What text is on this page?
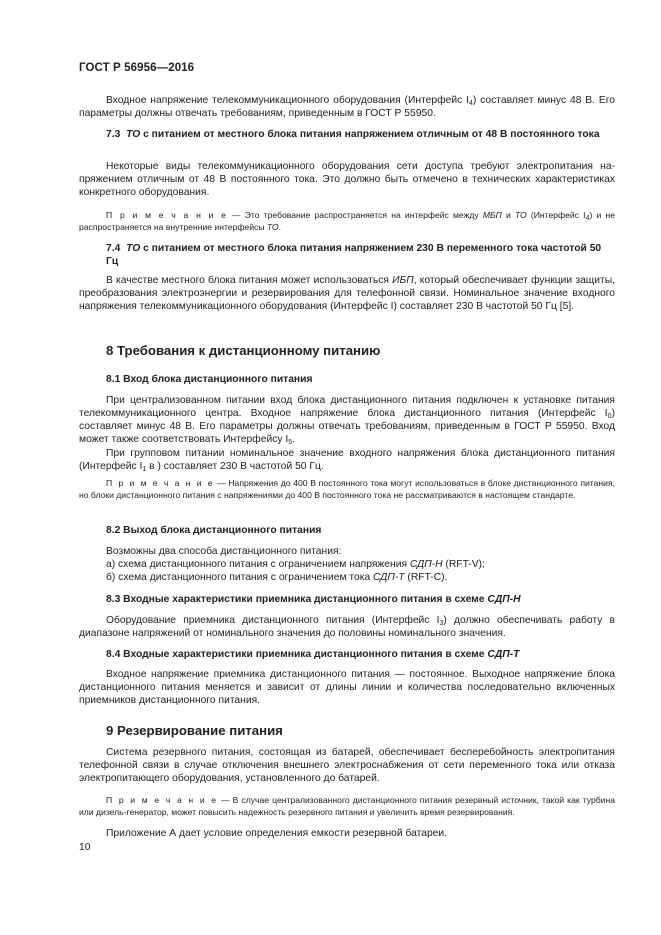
ГОСТ Р 56956—2016
Входное напряжение телекоммуникационного оборудования (Интерфейс $I_4$) составляет минус 48 В. Его параметры должны отвечать требованиям, приведенным в ГОСТ Р 55950.
7.3 ТО с питанием от местного блока питания напряжением отличным от 48 В постоянного тока
Некоторые виды телекоммуникационного оборудования сети доступа требуют электропитания напряжением отличным от 48 В постоянного тока. Это должно быть отмечено в технических характеристиках конкретного оборудования.
П р и м е ч а н и е — Это требование распространяется на интерфейс между МБП и ТО (Интерфейс $I_4$) и не распространяется на внутренние интерфейсы ТО.
7.4 ТО с питанием от местного блока питания напряжением 230 В переменного тока частотой 50 Гц
В качестве местного блока питания может использоваться ИБП, который обеспечивает функции защиты, преобразования электроэнергии и резервирования для телефонной связи. Номинальное значение входного напряжения телекоммуникационного оборудования (Интерфейс I) составляет 230 В частотой 50 Гц [5].
8 Требования к дистанционному питанию
8.1 Вход блока дистанционного питания
При централизованном питании вход блока дистанционного питания подключен к установке питания телекоммуникационного центра. Входное напряжение блока дистанционного питания (Интерфейс $I_0$) составляет минус 48 В. Его параметры должны отвечать требованиям, приведенным в ГОСТ Р 55950. Вход может также соответствовать Интерфейсу $I_5$.
При групповом питании номинальное значение входного напряжения блока дистанционного питания (Интерфейс $I_1$ в ) составляет 230 В частотой 50 Гц.
П р и м е ч а н и е — Напряжения до 400 В постоянного тока могут использоваться в блоке дистанционного питания, но блоки дистанционного питания с напряжениями до 400 В постоянного тока не рассматриваются в настоящем стандарте.
8.2 Выход блока дистанционного питания
Возможны два способа дистанционного питания:
а) схема дистанционного питания с ограничением напряжения СДП-Н (RFT-V);
б) схема дистанционного питания с ограничением тока СДП-Т (RFT-C).
8.3 Входные характеристики приемника дистанционного питания в схеме СДП-Н
Оборудование приемника дистанционного питания (Интерфейс $I_3$) должно обеспечивать работу в диапазоне напряжений от номинального значения до половины номинального значения.
8.4 Входные характеристики приемника дистанционного питания в схеме СДП-Т
Входное напряжение приемника дистанционного питания — постоянное. Выходное напряжение блока дистанционного питания меняется и зависит от длины линии и количества последовательно включенных приемников дистанционного питания.
9 Резервирование питания
Система резервного питания, состоящая из батарей, обеспечивает бесперебойность электропитания телефонной связи в случае отключения внешнего электроснабжения от сети переменного тока или отказа электропитающего оборудования, установленного до батарей.
П р и м е ч а н и е — В случае централизованного дистанционного питания резервный источник, такой как турбина или дизель-генератор, может повысить надежность резервного питания и увеличить время резервирования.
Приложение А дает условие определения емкости резервной батареи.
10
